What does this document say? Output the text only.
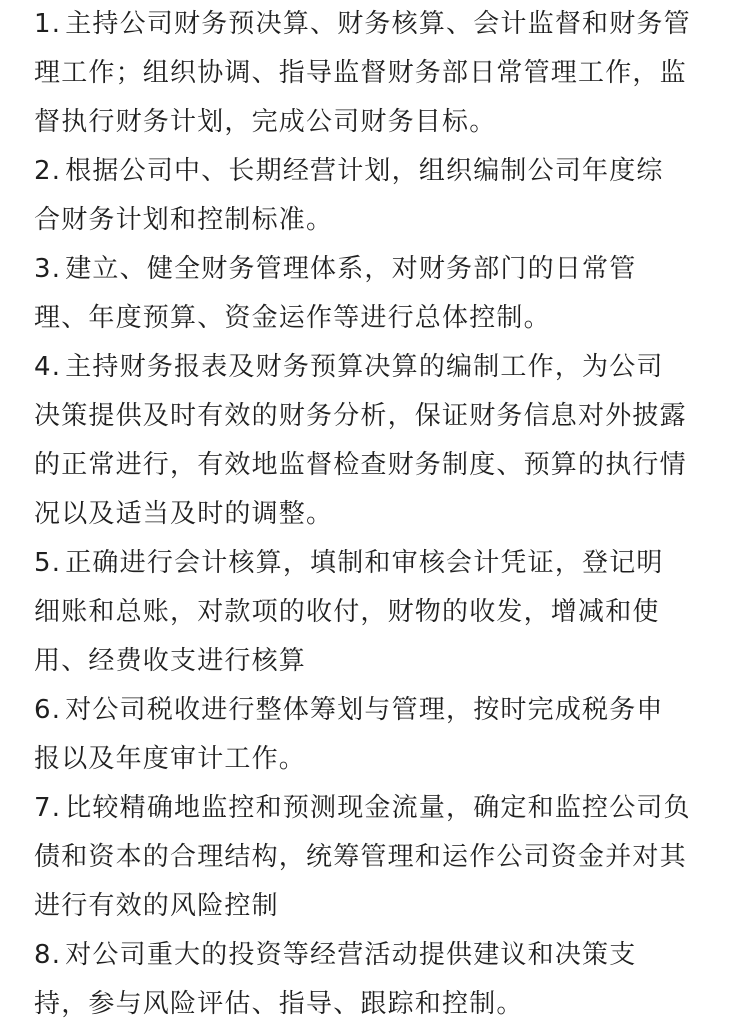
1. 主持公司财务预决算、财务核算、会计监督和财务管
理工作；组织协调、指导监督财务部日常管理工作，监
督执行财务计划，完成公司财务目标。

2. 根据公司中、长期经营计划，组织编制公司年度综
合财务计划和控制标准。

3. 建立、健全财务管理体系，对财务部门的日常管
理、年度预算、资金运作等进行总体控制。

4. 主持财务报表及财务预算决算的编制工作，为公司
决策提供及时有效的财务分析，保证财务信息对外披露
的正常进行，有效地监督检查财务制度、预算的执行情
况以及适当及时的调整。

5. 正确进行会计核算，填制和审核会计凭证，登记明
细账和总账，对款项的收付，财物的收发，增减和使
用、经费收支进行核算

6. 对公司税收进行整体筹划与管理，按时完成税务申
报以及年度审计工作。

7. 比较精确地监控和预测现金流量，确定和监控公司负
债和资本的合理结构，统筹管理和运作公司资金并对其
进行有效的风险控制

8. 对公司重大的投资等经营活动提供建议和决策支
持，参与风险评估、指导、跟踪和控制。
